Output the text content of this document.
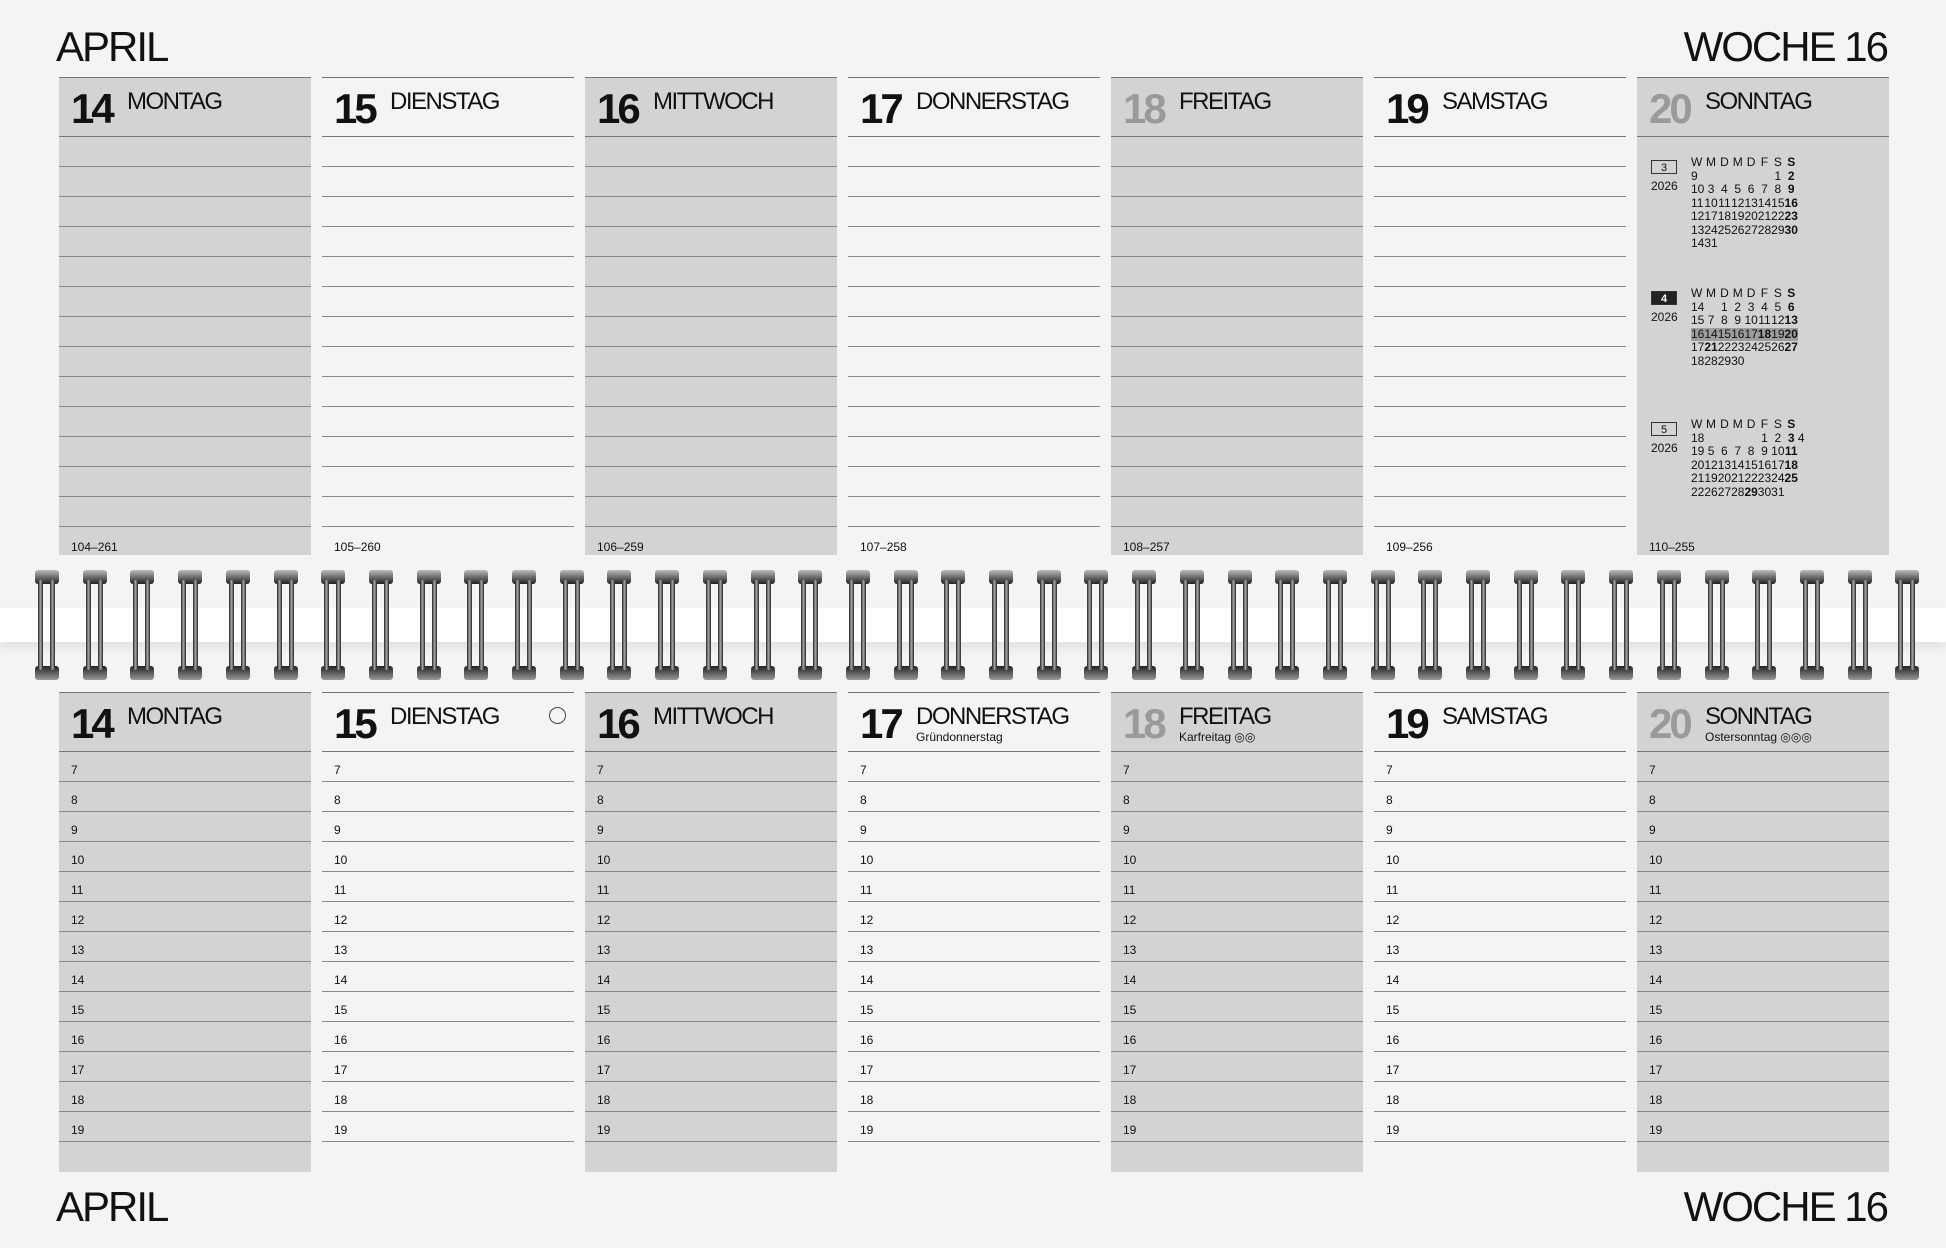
APRIL	WOCHE 16
14 MONTAG
104–261
15 DIENSTAG
105–260
16 MITTWOCH
106–259
17 DONNERSTAG
107–258
18 FREITAG
108–257
19 SAMSTAG
109–256
20 SONNTAG
3
2026
W	M	D	M	D	F	S	S
9						1	2
10	3	4	5	6	7	8	9
11	10	11	12	13	14	15	16
12	17	18	19	20	21	22	23
13	24	25	26	27	28	29	30
14	31						
4
2026
W	M	D	M	D	F	S	S
14		1	2	3	4	5	6
15	7	8	9	10	11	12	13
16	14	15	16	17	18	19	20
17	21	22	23	24	25	26	27
18	28	29	30				
5
2026
W	M	D	M	D	F	S	S	
18					1	2	3	4
19	5	6	7	8	9	10	11	
20	12	13	14	15	16	17	18	
21	19	20	21	22	23	24	25	
22	26	27	28	29	30	31		
110–255
14 MONTAG
7
8
9
10
11
12
13
14
15
16
17
18
19
15 DIENSTAG
7
8
9
10
11
12
13
14
15
16
17
18
19
16 MITTWOCH
7
8
9
10
11
12
13
14
15
16
17
18
19
17 DONNERSTAG
Gründonnerstag
7
8
9
10
11
12
13
14
15
16
17
18
19
18 FREITAG
Karfreitag ◎◎
7
8
9
10
11
12
13
14
15
16
17
18
19
19 SAMSTAG
7
8
9
10
11
12
13
14
15
16
17
18
19
20 SONNTAG
Ostersonntag ◎◎◎
7
8
9
10
11
12
13
14
15
16
17
18
19
APRIL	WOCHE 16
